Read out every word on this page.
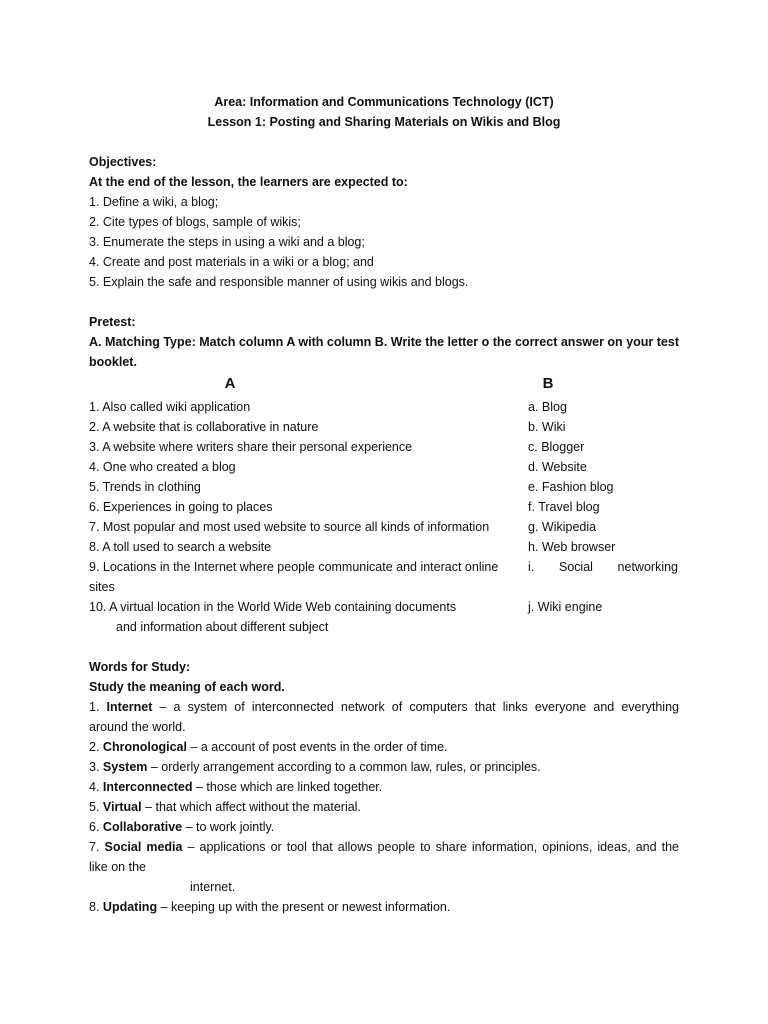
Area: Information and Communications Technology (ICT)
Lesson 1: Posting and Sharing Materials on Wikis and Blog
Objectives:
At the end of the lesson, the learners are expected to:
1. Define a wiki, a blog;
2. Cite types of blogs, sample of wikis;
3. Enumerate the steps in using a wiki and a blog;
4. Create and post materials in a wiki or a blog; and
5. Explain the safe and responsible manner of using wikis and blogs.
Pretest:
A. Matching Type: Match column A with column B. Write the letter o the correct answer on your test
booklet.
A	B
1. Also called wiki application	a. Blog
2. A website that is collaborative in nature	b. Wiki
3. A website where writers share their personal experience	c. Blogger
4. One who created a blog	d. Website
5. Trends in clothing	e. Fashion blog
6. Experiences in going to places	f. Travel blog
7. Most popular and most used website to source all kinds of information	g. Wikipedia
8. A toll used to search a website	h. Web browser
9. Locations in the Internet where people communicate and interact online i. Social networking
sites
10. A virtual location in the World Wide Web containing documents	j. Wiki engine
and information about different subject
Words for Study:
Study the meaning of each word.
1. Internet – a system of interconnected network of computers that links everyone and everything
around the world.
2. Chronological – a account of post events in the order of time.
3. System – orderly arrangement according to a common law, rules, or principles.
4. Interconnected – those which are linked together.
5. Virtual – that which affect without the material.
6. Collaborative – to work jointly.
7. Social media – applications or tool that allows people to share information, opinions, ideas, and the
like on the
internet.
8. Updating – keeping up with the present or newest information.
